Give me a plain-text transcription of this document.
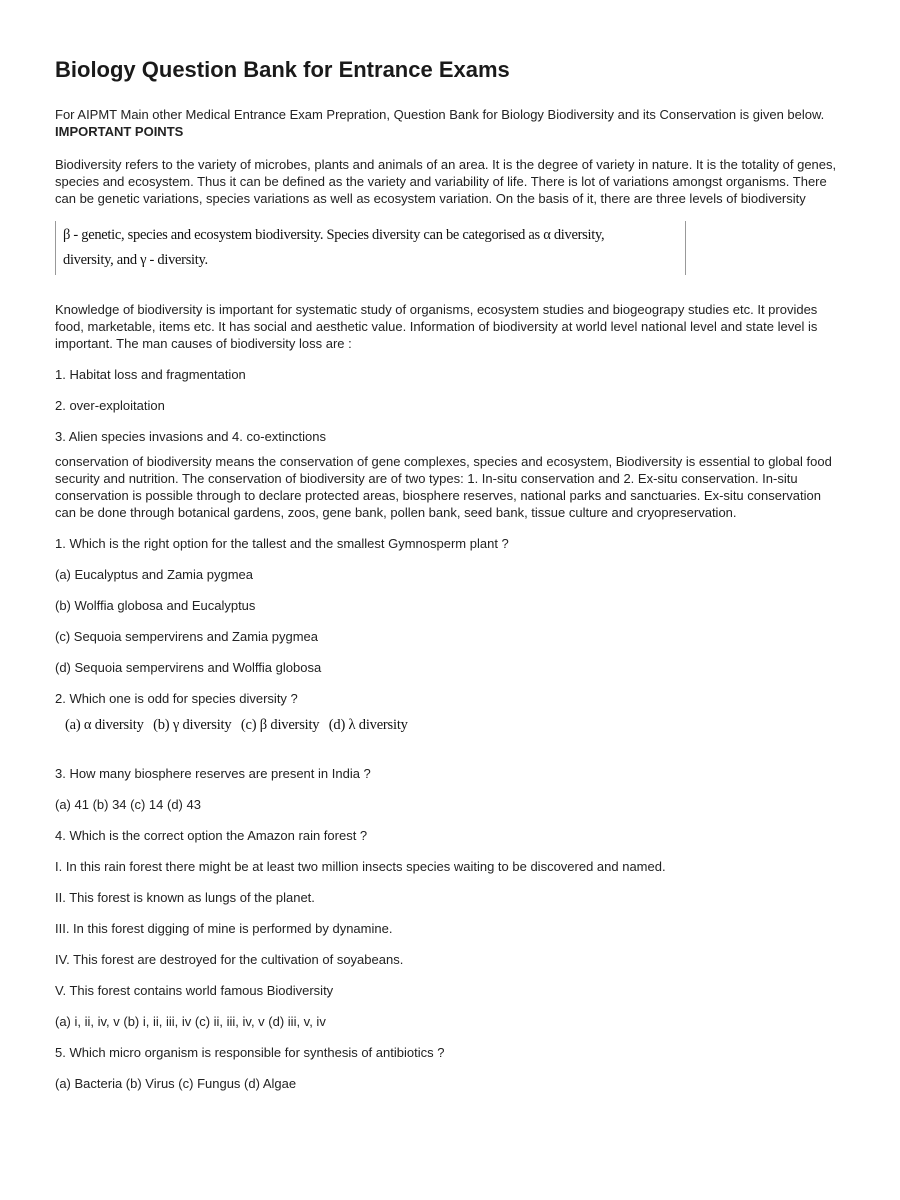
Biology Question Bank for Entrance Exams

For AIPMT Main other Medical Entrance Exam Prepration, Question Bank for Biology Biodiversity and its Conservation is given below.

IMPORTANT POINTS

Biodiversity refers to the variety of microbes, plants and animals of an area. It is the degree of variety in nature. It is the totality of genes, species and ecosystem. Thus it can be defined as the variety and variability of life. There is lot of variations amongst organisms. There can be genetic variations, species variations as well as ecosystem variation. On the basis of it, there are three levels of biodiversity

β - genetic, species and ecosystem biodiversity. Species diversity can be categorised as α diversity,
diversity, and γ - diversity.

Knowledge of biodiversity is important for systematic study of organisms, ecosystem studies and biogeograpy studies etc. It provides food, marketable, items etc. It has social and aesthetic value. Information of biodiversity at world level national level and state level is important. The man causes of biodiversity loss are :

1. Habitat loss and fragmentation

2. over-exploitation

3. Alien species invasions and 4. co-extinctions

conservation of biodiversity means the conservation of gene complexes, species and ecosystem, Biodiversity is essential to global food security and nutrition. The conservation of biodiversity are of two types: 1. In-situ conservation and 2. Ex-situ conservation. In-situ conservation is possible through to declare protected areas, biosphere reserves, national parks and sanctuaries. Ex-situ conservation can be done through botanical gardens, zoos, gene bank, pollen bank, seed bank, tissue culture and cryopreservation.

1. Which is the right option for the tallest and the smallest Gymnosperm plant ?

(a) Eucalyptus and Zamia pygmea

(b) Wolffia globosa and Eucalyptus

(c) Sequoia sempervirens and Zamia pygmea

(d) Sequoia sempervirens and Wolffia globosa

2. Which one is odd for species diversity ?

(a) α diversity (b) γ diversity (c) β diversity (d) λ diversity

3. How many biosphere reserves are present in India ?

(a) 41 (b) 34 (c) 14 (d) 43

4. Which is the correct option the Amazon rain forest ?

I. In this rain forest there might be at least two million insects species waiting to be discovered and named.

II. This forest is known as lungs of the planet.

III. In this forest digging of mine is performed by dynamine.

IV. This forest are destroyed for the cultivation of soyabeans.

V. This forest contains world famous Biodiversity

(a) i, ii, iv, v (b) i, ii, iii, iv (c) ii, iii, iv, v (d) iii, v, iv

5. Which micro organism is responsible for synthesis of antibiotics ?

(a) Bacteria (b) Virus (c) Fungus (d) Algae
